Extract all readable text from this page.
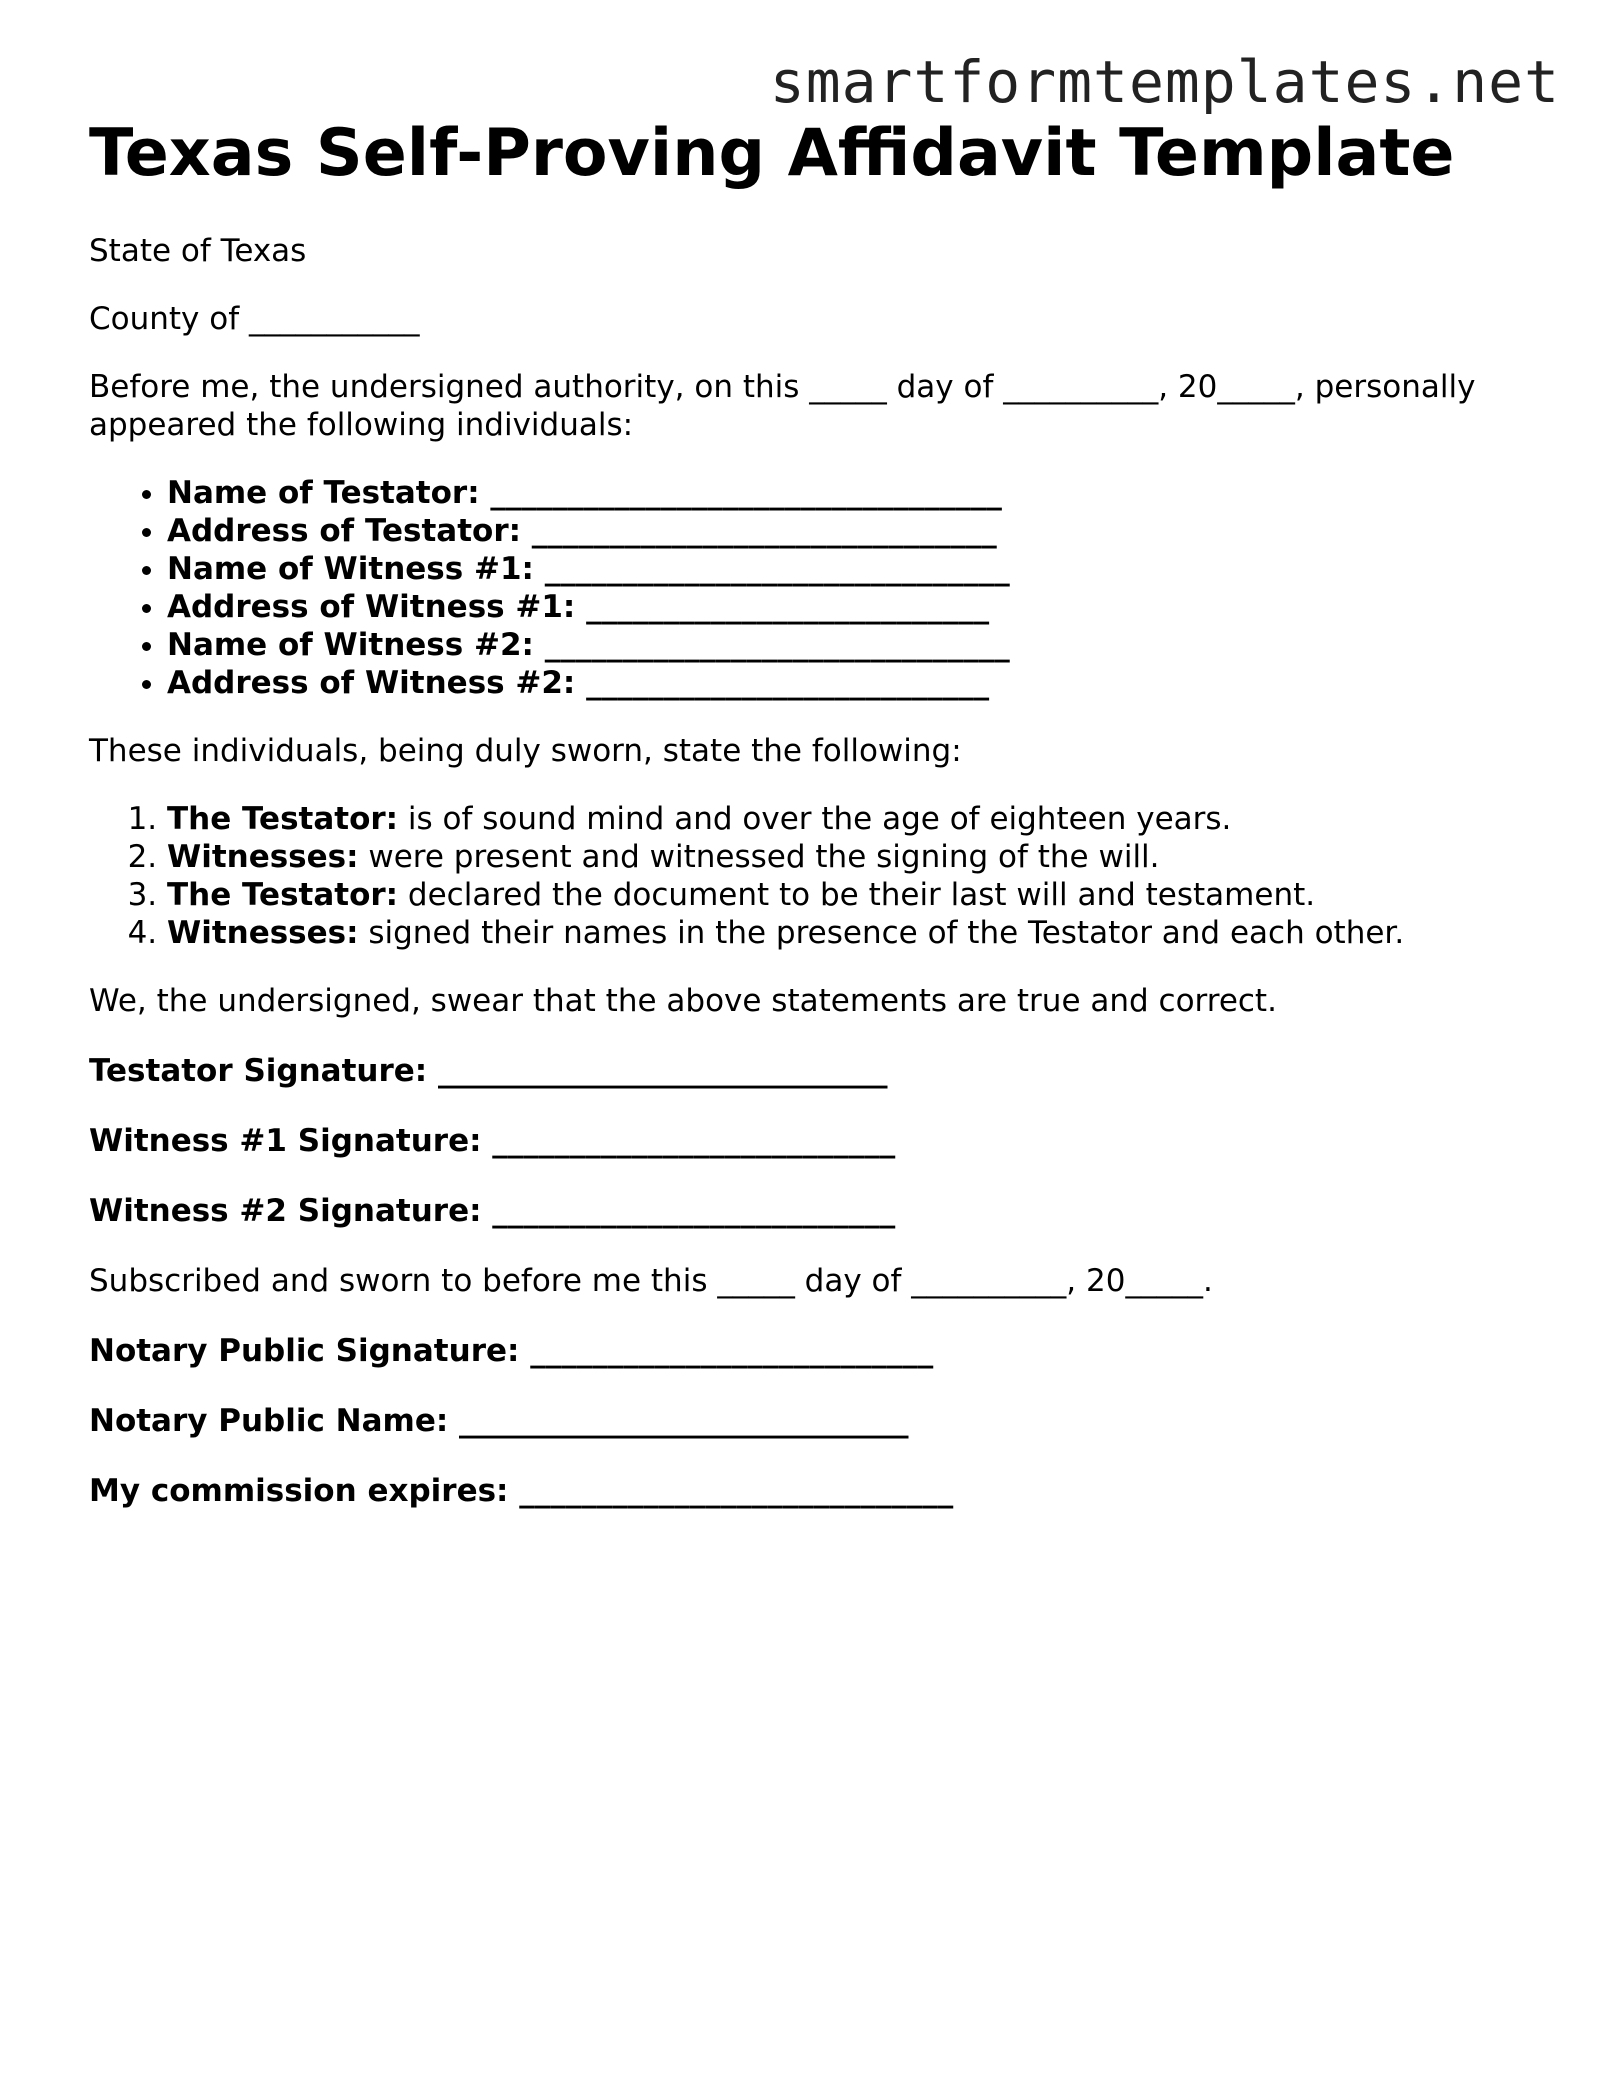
smartformtemplates.net
Texas Self-Proving Affidavit Template

State of Texas

County of ___________

Before me, the undersigned authority, on this _____ day of __________, 20_____, personally appeared the following individuals:

• Name of Testator: _________________________________
• Address of Testator: ______________________________
• Name of Witness #1: ______________________________
• Address of Witness #1: __________________________
• Name of Witness #2: ______________________________
• Address of Witness #2: __________________________

These individuals, being duly sworn, state the following:

1. The Testator: is of sound mind and over the age of eighteen years.
2. Witnesses: were present and witnessed the signing of the will.
3. The Testator: declared the document to be their last will and testament.
4. Witnesses: signed their names in the presence of the Testator and each other.

We, the undersigned, swear that the above statements are true and correct.

Testator Signature: _____________________________

Witness #1 Signature: __________________________

Witness #2 Signature: __________________________

Subscribed and sworn to before me this _____ day of __________, 20_____.

Notary Public Signature: __________________________

Notary Public Name: _____________________________

My commission expires: ____________________________
